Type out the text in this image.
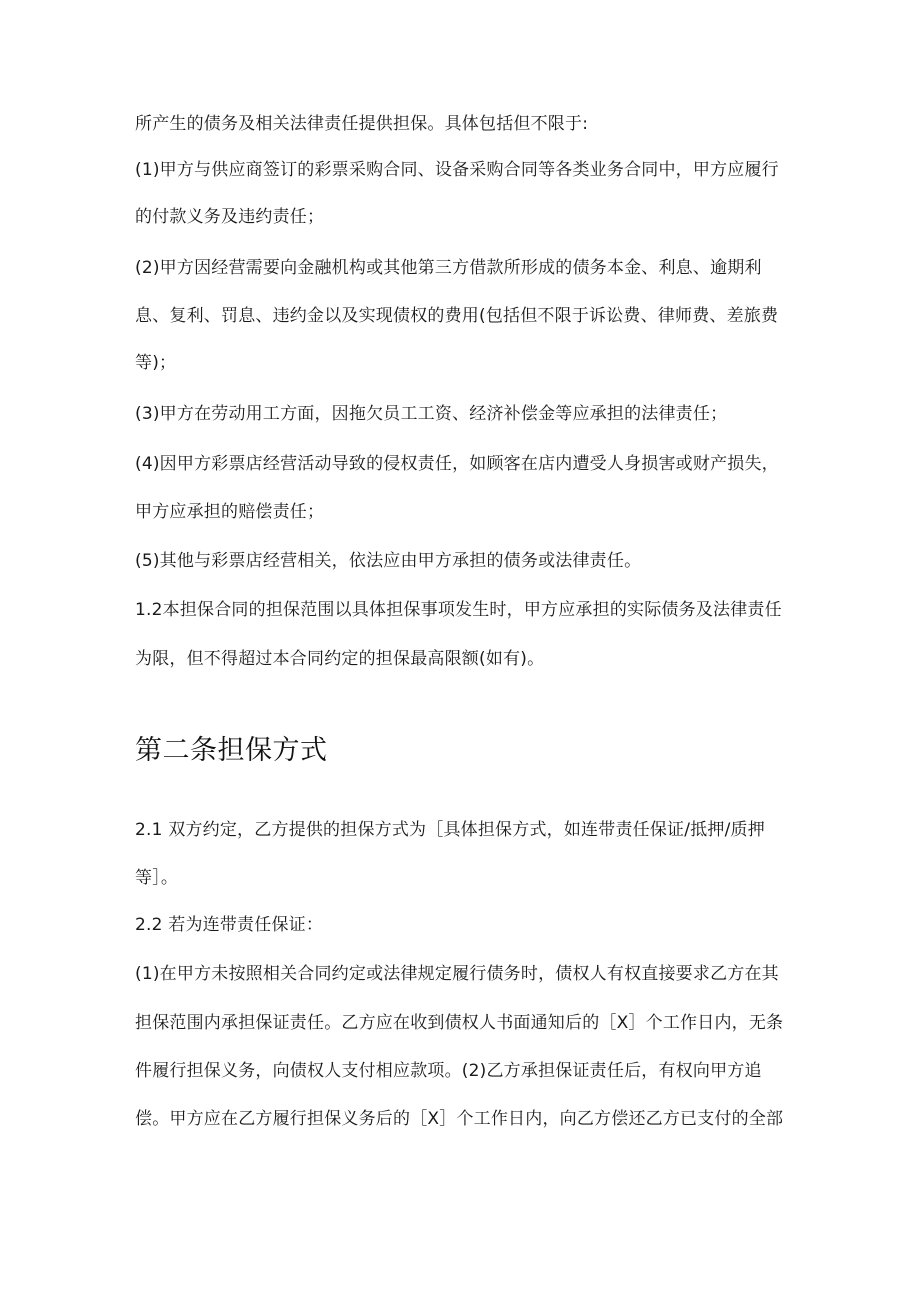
所产生的债务及相关法律责任提供担保。具体包括但不限于:
(1)甲方与供应商签订的彩票采购合同、设备采购合同等各类业务合同中，甲方应履行
的付款义务及违约责任；
(2)甲方因经营需要向金融机构或其他第三方借款所形成的债务本金、利息、逾期利
息、复利、罚息、违约金以及实现债权的费用(包括但不限于诉讼费、律师费、差旅费
等)；
(3)甲方在劳动用工方面，因拖欠员工工资、经济补偿金等应承担的法律责任；
(4)因甲方彩票店经营活动导致的侵权责任，如顾客在店内遭受人身损害或财产损失，
甲方应承担的赔偿责任；
(5)其他与彩票店经营相关，依法应由甲方承担的债务或法律责任。
1.2本担保合同的担保范围以具体担保事项发生时，甲方应承担的实际债务及法律责任
为限，但不得超过本合同约定的担保最高限额(如有)。
第二条担保方式
2.1 双方约定，乙方提供的担保方式为［具体担保方式，如连带责任保证/抵押/质押
等］。
2.2 若为连带责任保证：
(1)在甲方未按照相关合同约定或法律规定履行债务时，债权人有权直接要求乙方在其
担保范围内承担保证责任。乙方应在收到债权人书面通知后的［X］个工作日内，无条
件履行担保义务，向债权人支付相应款项。(2)乙方承担保证责任后，有权向甲方追
偿。甲方应在乙方履行担保义务后的［X］个工作日内，向乙方偿还乙方已支付的全部
